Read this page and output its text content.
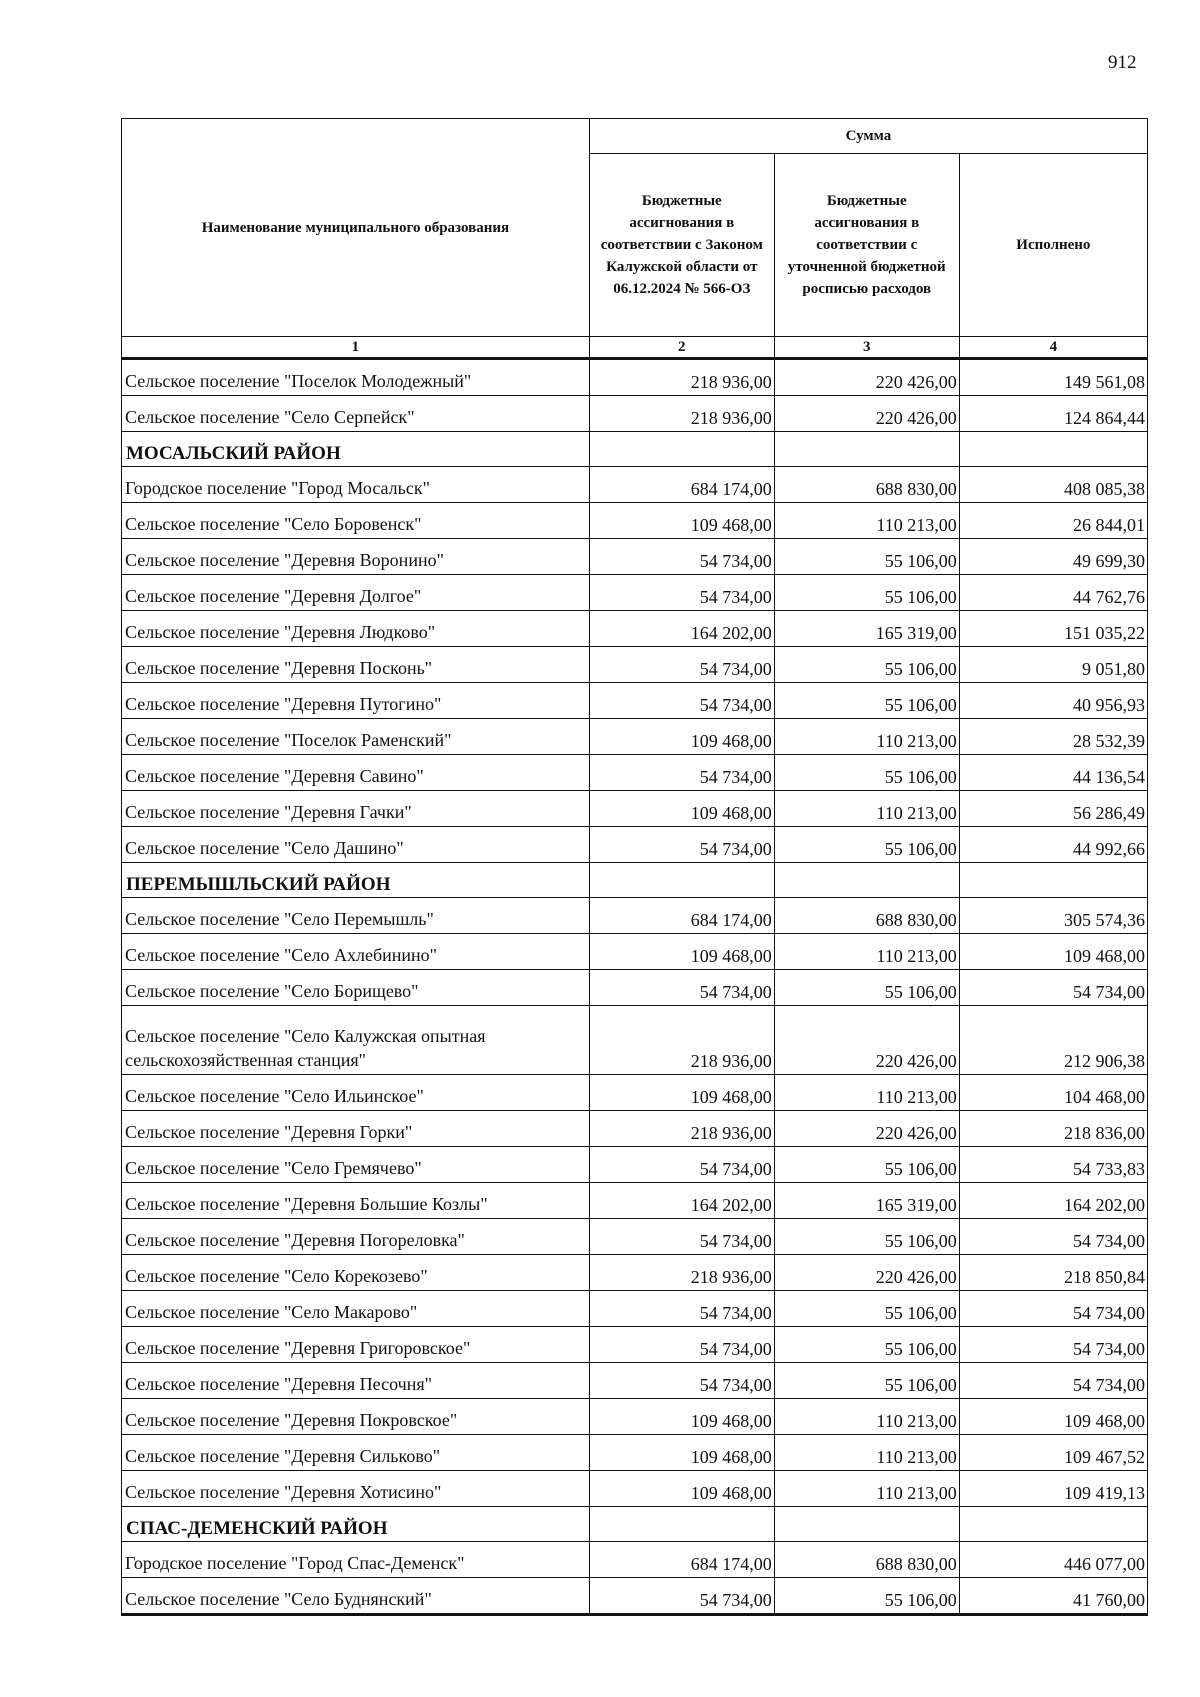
912
Наименование муниципального образования	Сумма		
	Бюджетные ассигнования в соответствии с Законом Калужской области от 06.12.2024 № 566-ОЗ	Бюджетные ассигнования в соответствии с уточненной бюджетной росписью расходов	Исполнено
1	2	3	4
Сельское поселение "Поселок Молодежный"	218 936,00	220 426,00	149 561,08
Сельское поселение "Село Серпейск"	218 936,00	220 426,00	124 864,44
МОСАЛЬСКИЙ РАЙОН			
Городское поселение "Город Мосальск"	684 174,00	688 830,00	408 085,38
Сельское поселение "Село Боровенск"	109 468,00	110 213,00	26 844,01
Сельское поселение "Деревня Воронино"	54 734,00	55 106,00	49 699,30
Сельское поселение "Деревня Долгое"	54 734,00	55 106,00	44 762,76
Сельское поселение "Деревня Людково"	164 202,00	165 319,00	151 035,22
Сельское поселение "Деревня Посконь"	54 734,00	55 106,00	9 051,80
Сельское поселение "Деревня Путогино"	54 734,00	55 106,00	40 956,93
Сельское поселение "Поселок Раменский"	109 468,00	110 213,00	28 532,39
Сельское поселение "Деревня Савино"	54 734,00	55 106,00	44 136,54
Сельское поселение "Деревня Гачки"	109 468,00	110 213,00	56 286,49
Сельское поселение "Село Дашино"	54 734,00	55 106,00	44 992,66
ПЕРЕМЫШЛЬСКИЙ РАЙОН			
Сельское поселение "Село Перемышль"	684 174,00	688 830,00	305 574,36
Сельское поселение "Село Ахлебинино"	109 468,00	110 213,00	109 468,00
Сельское поселение "Село Борищево"	54 734,00	55 106,00	54 734,00
Сельское поселение "Село Калужская опытная сельскохозяйственная станция"	218 936,00	220 426,00	212 906,38
Сельское поселение "Село Ильинское"	109 468,00	110 213,00	104 468,00
Сельское поселение "Деревня Горки"	218 936,00	220 426,00	218 836,00
Сельское поселение "Село Гремячево"	54 734,00	55 106,00	54 733,83
Сельское поселение "Деревня Большие Козлы"	164 202,00	165 319,00	164 202,00
Сельское поселение "Деревня Погореловка"	54 734,00	55 106,00	54 734,00
Сельское поселение "Село Корекозево"	218 936,00	220 426,00	218 850,84
Сельское поселение "Село Макарово"	54 734,00	55 106,00	54 734,00
Сельское поселение "Деревня Григоровское"	54 734,00	55 106,00	54 734,00
Сельское поселение "Деревня Песочня"	54 734,00	55 106,00	54 734,00
Сельское поселение "Деревня Покровское"	109 468,00	110 213,00	109 468,00
Сельское поселение "Деревня Сильково"	109 468,00	110 213,00	109 467,52
Сельское поселение "Деревня Хотисино"	109 468,00	110 213,00	109 419,13
СПАС-ДЕМЕНСКИЙ РАЙОН			
Городское поселение "Город Спас-Деменск"	684 174,00	688 830,00	446 077,00
Сельское поселение "Село Буднянский"	54 734,00	55 106,00	41 760,00
